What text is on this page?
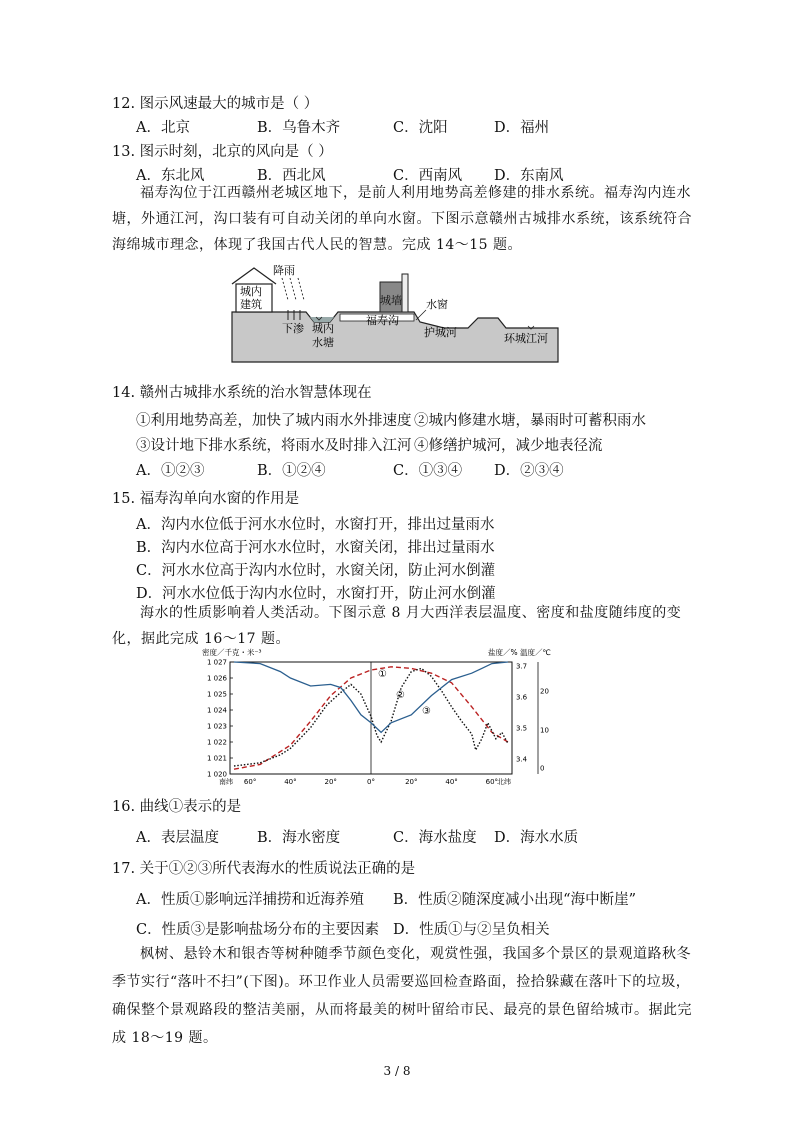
12. 图示风速最大的城市是（ ）
A．北京	B．乌鲁木齐	C．沈阳	D．福州
13. 图示时刻，北京的风向是（ ）
A．东北风	B．西北风	C．西南风 D．东南风
福寿沟位于江西赣州老城区地下，是前人利用地势高差修建的排水系统。福寿沟内连水塘，外通江河，沟口装有可自动关闭的单向水窗。下图示意赣州古城排水系统，该系统符合海绵城市理念，体现了我国古代人民的智慧。完成 14～15 题。
城内
建筑
降雨
下渗 城内
水塘
城墙
福寿沟
水窗
护城河	环城江河
14. 赣州古城排水系统的治水智慧体现在
①利用地势高差，加快了城内雨水外排速度 ②城内修建水塘，暴雨时可蓄积雨水
③设计地下排水系统，将雨水及时排入江河 ④修缮护城河，减少地表径流
A．①②③	B．①②④	C．①③④ D．②③④
15. 福寿沟单向水窗的作用是
A．沟内水位低于河水水位时，水窗打开，排出过量雨水
B．沟内水位高于河水水位时，水窗关闭，排出过量雨水
C．河水水位高于沟内水位时，水窗关闭，防止河水倒灌
D．河水水位低于沟内水位时，水窗打开，防止河水倒灌
海水的性质影响着人类活动。下图示意 8 月大西洋表层温度、密度和盐度随纬度的变化，据此完成 16～17 题。
密度／千克・米⁻³	盐度／% 温度／℃
1 027
1 026
1 025
1 024
1 023
1 022
1 021
1 020
3.7
3.6
3.5
3.4
20
10
0
南纬 60°	40°	20°	0°	20°	40°	60°
北纬
①
②
③
16. 曲线①表示的是
A．表层温度	B．海水密度	C．海水盐度 D．海水水质
17. 关于①②③所代表海水的性质说法正确的是
A．性质①影响远洋捕捞和近海养殖 B．性质②随深度减小出现“海中断崖”
C．性质③是影响盐场分布的主要因素 D．性质①与②呈负相关
枫树、悬铃木和银杏等树种随季节颜色变化，观赏性强，我国多个景区的景观道路秋冬季节实行“落叶不扫”(下图)。环卫作业人员需要巡回检查路面，捡拾躲藏在落叶下的垃圾，确保整个景观路段的整洁美丽，从而将最美的树叶留给市民、最亮的景色留给城市。据此完成 18～19 题。
3 / 8
